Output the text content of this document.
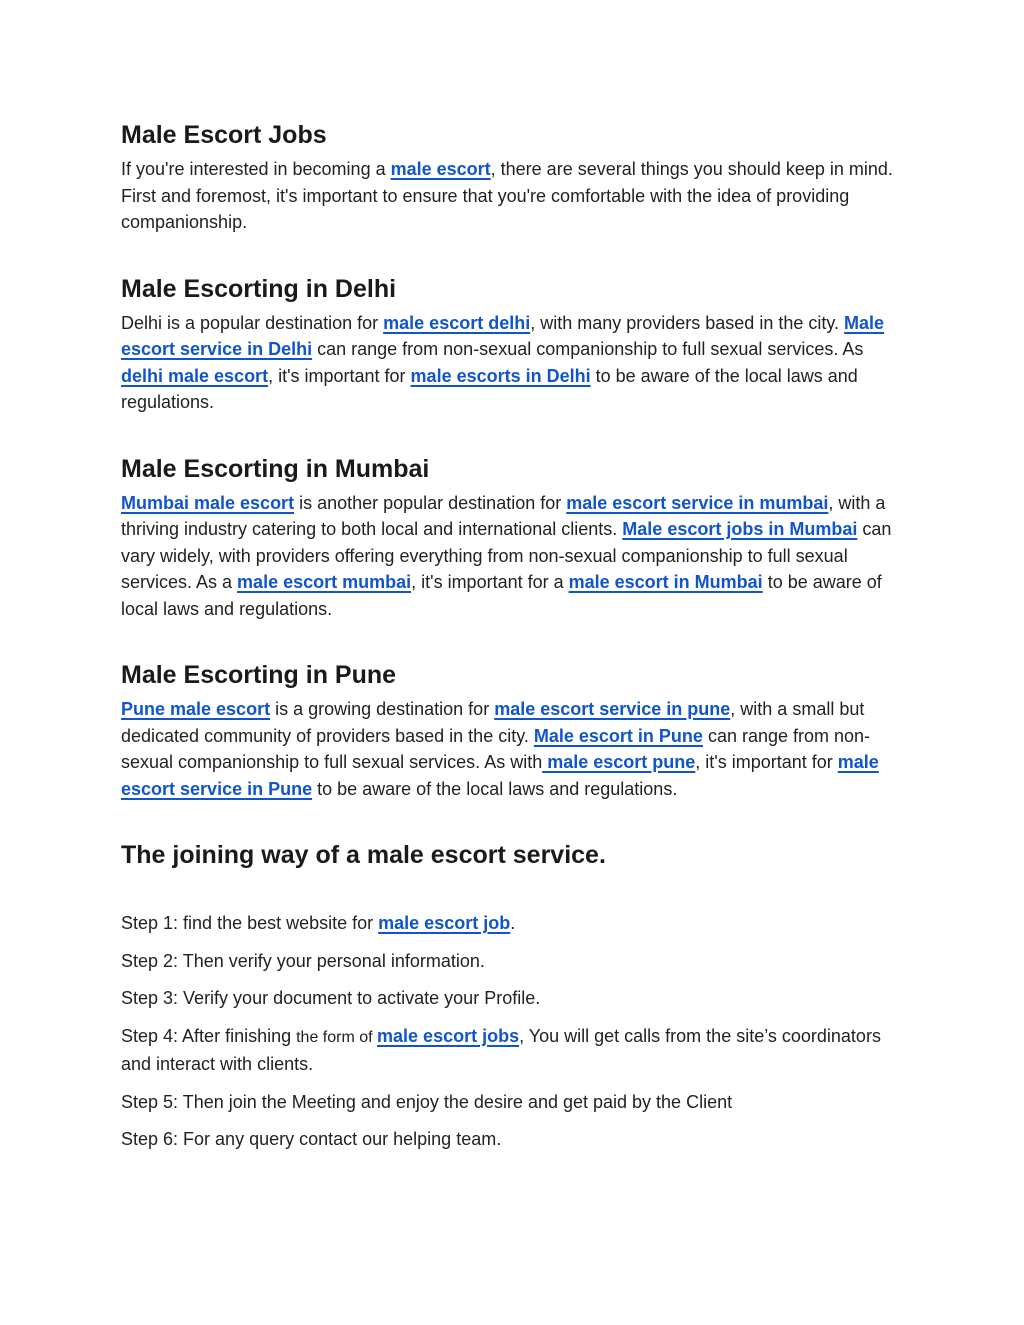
Male Escort Jobs

If you're interested in becoming a male escort, there are several things you should keep in mind. First and foremost, it's important to ensure that you're comfortable with the idea of providing companionship.

Male Escorting in Delhi

Delhi is a popular destination for male escort delhi, with many providers based in the city. Male escort service in Delhi can range from non-sexual companionship to full sexual services. As delhi male escort, it's important for male escorts in Delhi to be aware of the local laws and regulations.

Male Escorting in Mumbai

Mumbai male escort is another popular destination for male escort service in mumbai, with a thriving industry catering to both local and international clients. Male escort jobs in Mumbai can vary widely, with providers offering everything from non-sexual companionship to full sexual services. As a male escort mumbai, it's important for a male escort in Mumbai to be aware of local laws and regulations.

Male Escorting in Pune

Pune male escort is a growing destination for male escort service in pune, with a small but dedicated community of providers based in the city. Male escort in Pune can range from non-sexual companionship to full sexual services. As with male escort pune, it's important for male escort service in Pune to be aware of the local laws and regulations.

The joining way of a male escort service.

Step 1: find the best website for male escort job.

Step 2: Then verify your personal information.

Step 3: Verify your document to activate your Profile.

Step 4: After finishing the form of male escort jobs, You will get calls from the site’s coordinators and interact with clients.

Step 5: Then join the Meeting and enjoy the desire and get paid by the Client

Step 6: For any query contact our helping team.
